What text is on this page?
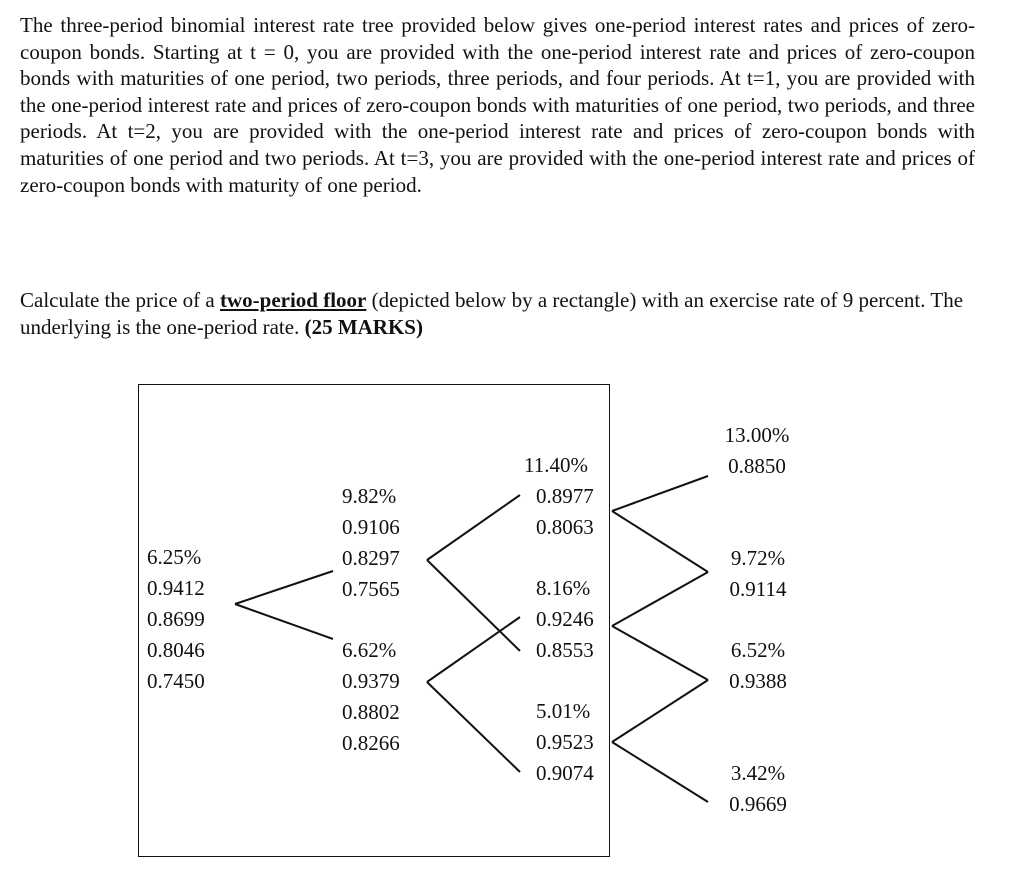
The three-period binomial interest rate tree provided below gives one-period interest rates and prices of zero-coupon bonds. Starting at t = 0, you are provided with the one-period interest rate and prices of zero-coupon bonds with maturities of one period, two periods, three periods, and four periods. At t=1, you are provided with the one-period interest rate and prices of zero-coupon bonds with maturities of one period, two periods, and three periods. At t=2, you are provided with the one-period interest rate and prices of zero-coupon bonds with maturities of one period and two periods. At t=3, you are provided with the one-period interest rate and prices of zero-coupon bonds with maturity of one period.

Calculate the price of a two-period floor (depicted below by a rectangle) with an exercise rate of 9 percent. The underlying is the one-period rate. (25 MARKS)

6.25%
0.9412
0.8699
0.8046
0.7450
9.82%
0.9106
0.8297
0.7565
6.62%
0.9379
0.8802
0.8266
11.40%
0.8977
0.8063
8.16%
0.9246
0.8553
5.01%
0.9523
0.9074
13.00%
0.8850
9.72%
0.9114
6.52%
0.9388
3.42%
0.9669
